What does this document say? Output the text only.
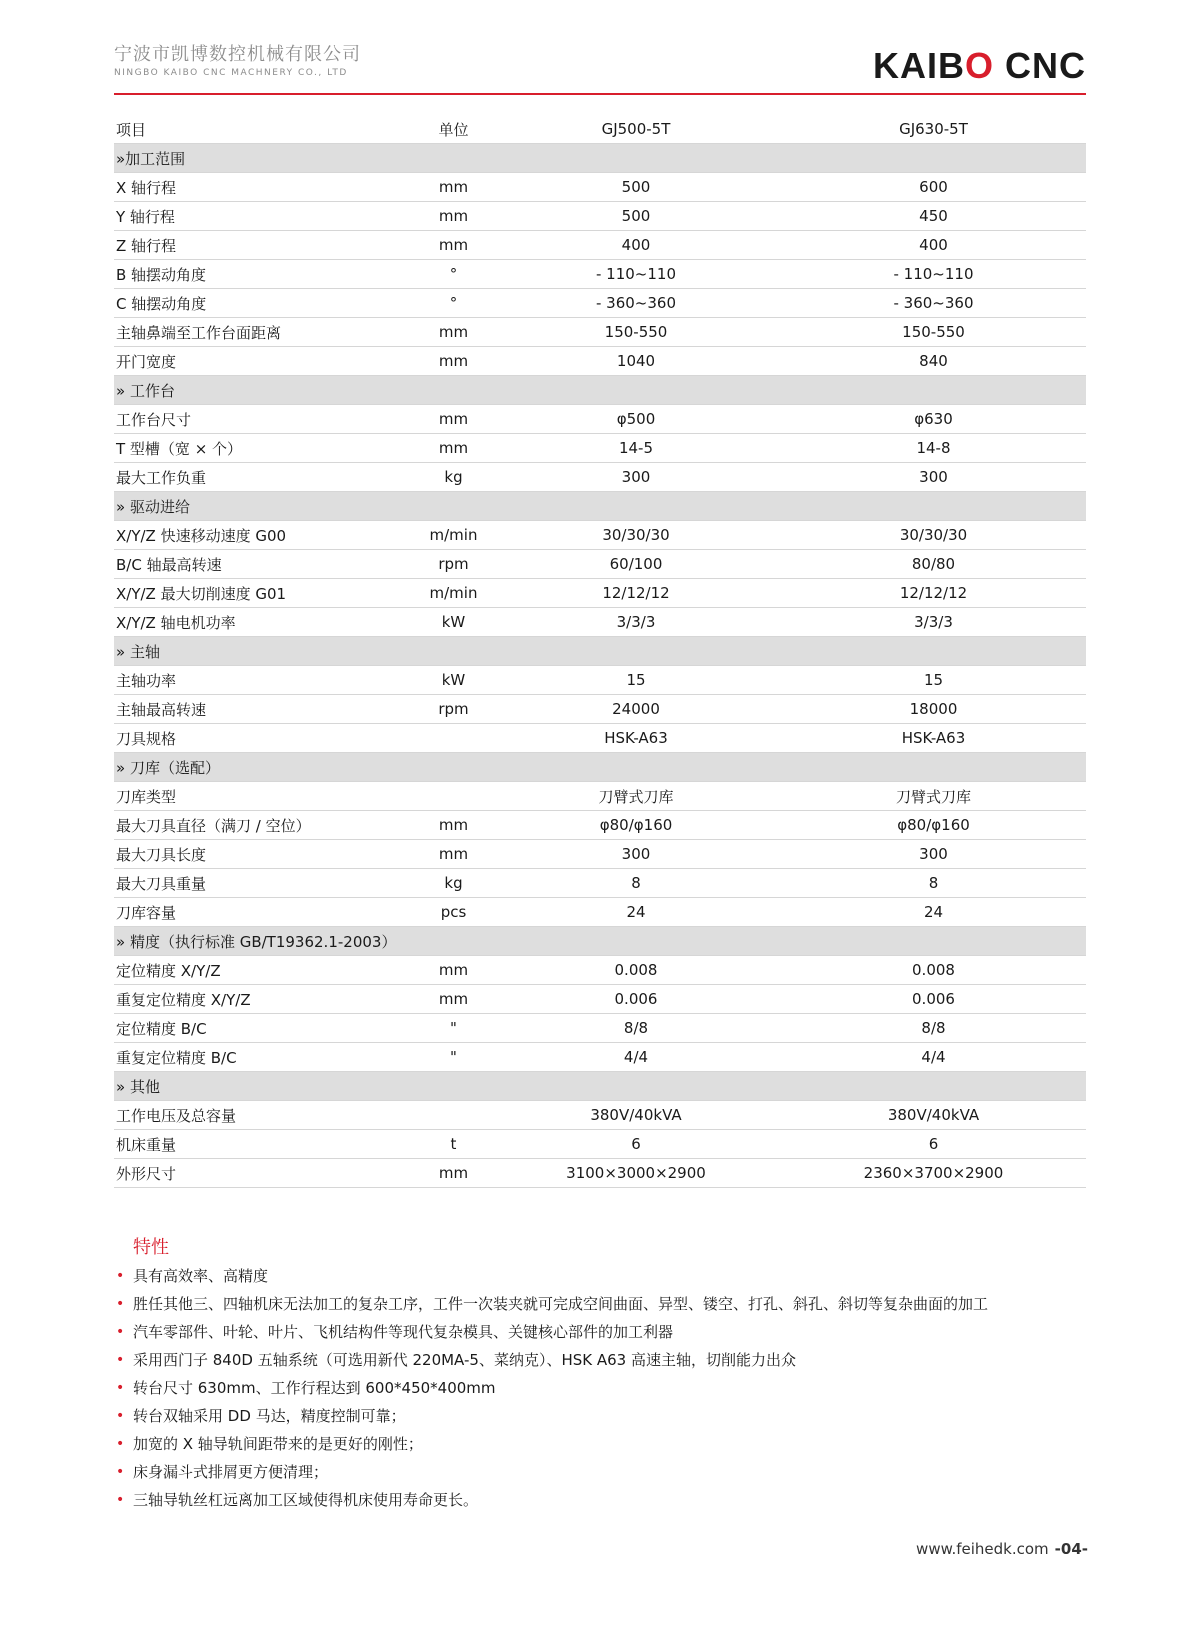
宁波市凯博数控机械有限公司
NINGBO KAIBO CNC MACHNERY CO., LTD	KAIBO CNC
项目	单位	GJ500-5T	GJ630-5T
»加工范围			
X 轴行程	mm	500	600
Y 轴行程	mm	500	450
Z 轴行程	mm	400	400
B 轴摆动角度	°	- 110~110	- 110~110
C 轴摆动角度	°	- 360~360	- 360~360
主轴鼻端至工作台面距离	mm	150-550	150-550
开门宽度	mm	1040	840
» 工作台			
工作台尺寸	mm	φ500	φ630
T 型槽（宽 × 个）	mm	14-5	14-8
最大工作负重	kg	300	300
» 驱动进给			
X/Y/Z 快速移动速度 G00	m/min	30/30/30	30/30/30
B/C 轴最高转速	rpm	60/100	80/80
X/Y/Z 最大切削速度 G01	m/min	12/12/12	12/12/12
X/Y/Z 轴电机功率	kW	3/3/3	3/3/3
» 主轴			
主轴功率	kW	15	15
主轴最高转速	rpm	24000	18000
刀具规格		HSK-A63	HSK-A63
» 刀库（选配）			
刀库类型		刀臂式刀库	刀臂式刀库
最大刀具直径（满刀 / 空位）	mm	φ80/φ160	φ80/φ160
最大刀具长度	mm	300	300
最大刀具重量	kg	8	8
刀库容量	pcs	24	24
» 精度（执行标准 GB/T19362.1-2003）			
定位精度 X/Y/Z	mm	0.008	0.008
重复定位精度 X/Y/Z	mm	0.006	0.006
定位精度 B/C	"	8/8	8/8
重复定位精度 B/C	"	4/4	4/4
» 其他			
工作电压及总容量		380V/40kVA	380V/40kVA
机床重量	t	6	6
外形尺寸	mm	3100×3000×2900	2360×3700×2900
特性
• 具有高效率、高精度
• 胜任其他三、四轴机床无法加工的复杂工序，工件一次装夹就可完成空间曲面、异型、镂空、打孔、斜孔、斜切等复杂曲面的加工
• 汽车零部件、叶轮、叶片、飞机结构件等现代复杂模具、关键核心部件的加工利器
• 采用西门子 840D 五轴系统（可选用新代 220MA-5、菜纳克）、HSK A63 高速主轴，切削能力出众
• 转台尺寸 630mm、工作行程达到 600*450*400mm
• 转台双轴采用 DD 马达，精度控制可靠；
• 加宽的 X 轴导轨间距带来的是更好的刚性；
• 床身漏斗式排屑更方便清理；
• 三轴导轨丝杠远离加工区域使得机床使用寿命更长。
www.feihedk.com -04-
